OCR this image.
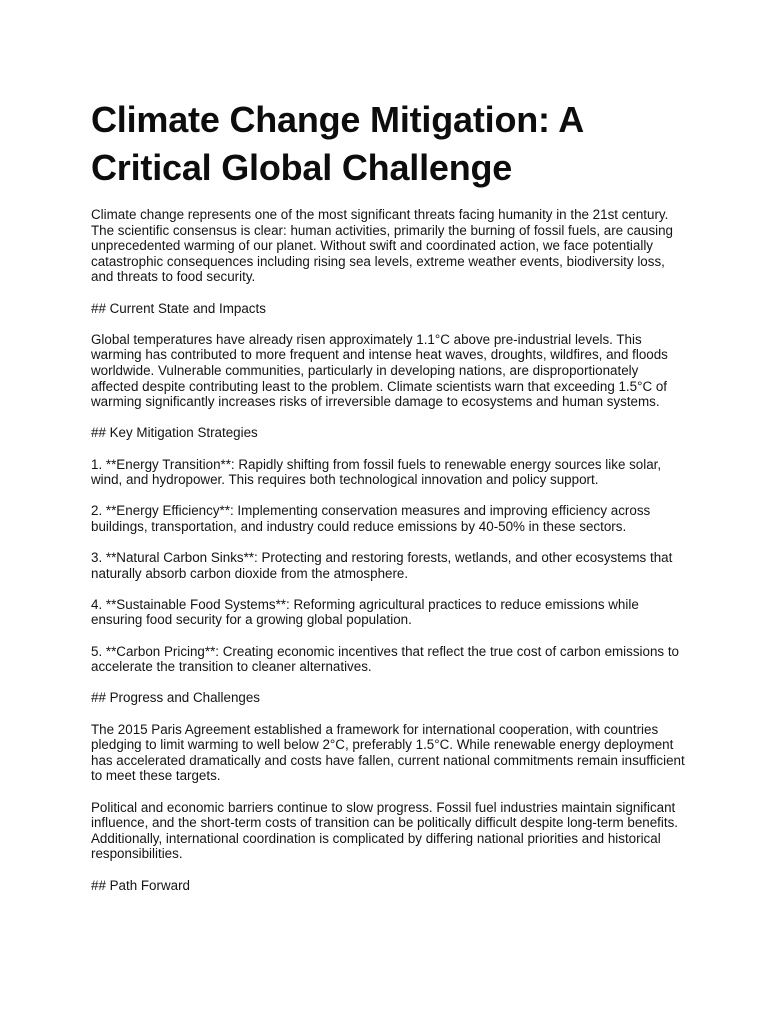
Climate Change Mitigation: A Critical Global Challenge

Climate change represents one of the most significant threats facing humanity in the 21st century. The scientific consensus is clear: human activities, primarily the burning of fossil fuels, are causing unprecedented warming of our planet. Without swift and coordinated action, we face potentially catastrophic consequences including rising sea levels, extreme weather events, biodiversity loss, and threats to food security.

## Current State and Impacts

Global temperatures have already risen approximately 1.1°C above pre-industrial levels. This warming has contributed to more frequent and intense heat waves, droughts, wildfires, and floods worldwide. Vulnerable communities, particularly in developing nations, are disproportionately affected despite contributing least to the problem. Climate scientists warn that exceeding 1.5°C of warming significantly increases risks of irreversible damage to ecosystems and human systems.

## Key Mitigation Strategies

1. **Energy Transition**: Rapidly shifting from fossil fuels to renewable energy sources like solar, wind, and hydropower. This requires both technological innovation and policy support.

2. **Energy Efficiency**: Implementing conservation measures and improving efficiency across buildings, transportation, and industry could reduce emissions by 40-50% in these sectors.

3. **Natural Carbon Sinks**: Protecting and restoring forests, wetlands, and other ecosystems that naturally absorb carbon dioxide from the atmosphere.

4. **Sustainable Food Systems**: Reforming agricultural practices to reduce emissions while ensuring food security for a growing global population.

5. **Carbon Pricing**: Creating economic incentives that reflect the true cost of carbon emissions to accelerate the transition to cleaner alternatives.

## Progress and Challenges

The 2015 Paris Agreement established a framework for international cooperation, with countries pledging to limit warming to well below 2°C, preferably 1.5°C. While renewable energy deployment has accelerated dramatically and costs have fallen, current national commitments remain insufficient to meet these targets.

Political and economic barriers continue to slow progress. Fossil fuel industries maintain significant influence, and the short-term costs of transition can be politically difficult despite long-term benefits. Additionally, international coordination is complicated by differing national priorities and historical responsibilities.

## Path Forward
